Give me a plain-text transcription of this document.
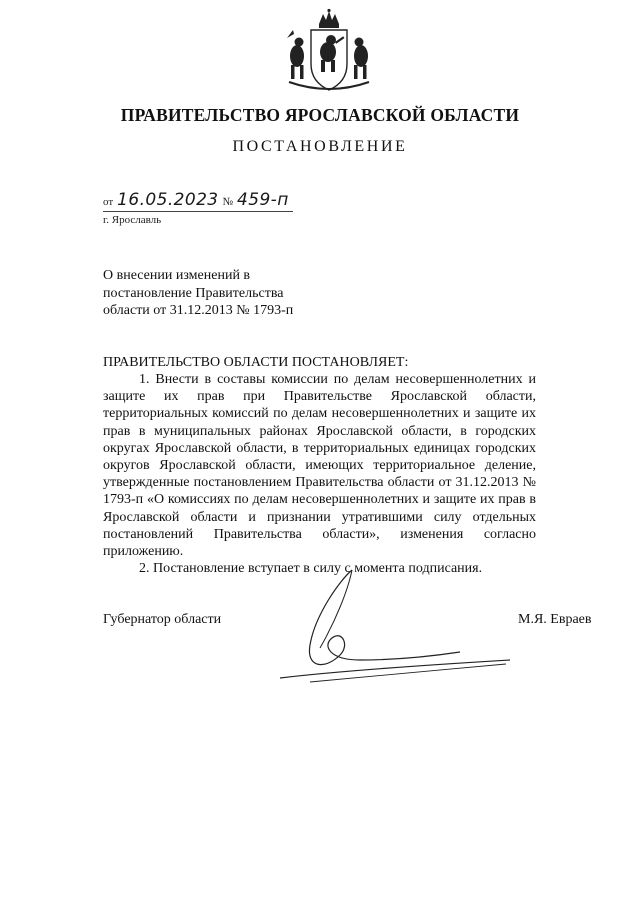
ПРАВИТЕЛЬСТВО ЯРОСЛАВСКОЙ ОБЛАСТИ
ПОСТАНОВЛЕНИЕ
от 16.05.2023 № 459-п
г. Ярославль
О внесении изменений в
постановление Правительства
области от 31.12.2013 № 1793-п
ПРАВИТЕЛЬСТВО ОБЛАСТИ ПОСТАНОВЛЯЕТ:

1. Внести в составы комиссии по делам несовершеннолетних и защите их прав при Правительстве Ярославской области, территориальных комиссий по делам несовершеннолетних и защите их прав в муниципальных районах Ярославской области, в городских округах Ярославской области, в территориальных единицах городских округов Ярославской области, имеющих территориальное деление, утвержденные постановлением Правительства области от 31.12.2013 № 1793-п «О комиссиях по делам несовершеннолетних и защите их прав в Ярославской области и признании утратившими силу отдельных постановлений Правительства области», изменения согласно приложению.

2. Постановление вступает в силу с момента подписания.

Губернатор области	М.Я. Евраев
